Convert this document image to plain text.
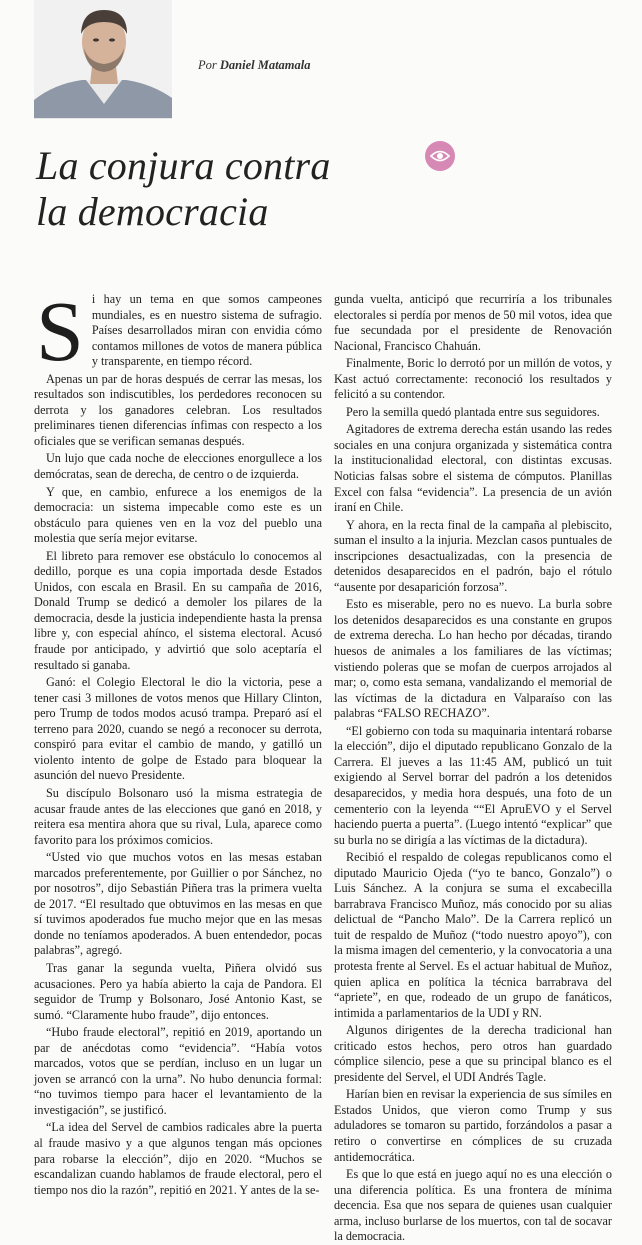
Por Daniel Matamala
La conjura contra
la democracia

Si hay un tema en que somos campeones mundiales, es en nuestro sistema de sufragio. Países desarrollados miran con envidia cómo contamos millones de votos de manera pública y transparente, en tiempo récord.

Apenas un par de horas después de cerrar las mesas, los resultados son indiscutibles, los perdedores reconocen su derrota y los ganadores celebran. Los resultados preliminares tienen diferencias ínfimas con respecto a los oficiales que se verifican semanas después.

Un lujo que cada noche de elecciones enorgullece a los demócratas, sean de derecha, de centro o de izquierda.

Y que, en cambio, enfurece a los enemigos de la democracia: un sistema impecable como este es un obstáculo para quienes ven en la voz del pueblo una molestia que sería mejor evitarse.

El libreto para remover ese obstáculo lo conocemos al dedillo, porque es una copia importada desde Estados Unidos, con escala en Brasil. En su campaña de 2016, Donald Trump se dedicó a demoler los pilares de la democracia, desde la justicia independiente hasta la prensa libre y, con especial ahínco, el sistema electoral. Acusó fraude por anticipado, y advirtió que solo aceptaría el resultado si ganaba.

Ganó: el Colegio Electoral le dio la victoria, pese a tener casi 3 millones de votos menos que Hillary Clinton, pero Trump de todos modos acusó trampa. Preparó así el terreno para 2020, cuando se negó a reconocer su derrota, conspiró para evitar el cambio de mando, y gatilló un violento intento de golpe de Estado para bloquear la asunción del nuevo Presidente.

Su discípulo Bolsonaro usó la misma estrategia de acusar fraude antes de las elecciones que ganó en 2018, y reitera esa mentira ahora que su rival, Lula, aparece como favorito para los próximos comicios.

“Usted vio que muchos votos en las mesas estaban marcados preferentemente, por Guillier o por Sánchez, no por nosotros”, dijo Sebastián Piñera tras la primera vuelta de 2017. “El resultado que obtuvimos en las mesas en que sí tuvimos apoderados fue mucho mejor que en las mesas donde no teníamos apoderados. A buen entendedor, pocas palabras”, agregó.

Tras ganar la segunda vuelta, Piñera olvidó sus acusaciones. Pero ya había abierto la caja de Pandora. El seguidor de Trump y Bolsonaro, José Antonio Kast, se sumó. “Claramente hubo fraude”, dijo entonces.

“Hubo fraude electoral”, repitió en 2019, aportando un par de anécdotas como “evidencia”. “Había votos marcados, votos que se perdían, incluso en un lugar un joven se arrancó con la urna”. No hubo denuncia formal: “no tuvimos tiempo para hacer el levantamiento de la investigación”, se justificó.

“La idea del Servel de cambios radicales abre la puerta al fraude masivo y a que algunos tengan más opciones para robarse la elección”, dijo en 2020. “Muchos se escandalizan cuando hablamos de fraude electoral, pero el tiempo nos dio la razón”, repitió en 2021. Y antes de la se-

gunda vuelta, anticipó que recurriría a los tribunales electorales si perdía por menos de 50 mil votos, idea que fue secundada por el presidente de Renovación Nacional, Francisco Chahuán.

Finalmente, Boric lo derrotó por un millón de votos, y Kast actuó correctamente: reconoció los resultados y felicitó a su contendor.

Pero la semilla quedó plantada entre sus seguidores.

Agitadores de extrema derecha están usando las redes sociales en una conjura organizada y sistemática contra la institucionalidad electoral, con distintas excusas. Noticias falsas sobre el sistema de cómputos. Planillas Excel con falsa “evidencia”. La presencia de un avión iraní en Chile.

Y ahora, en la recta final de la campaña al plebiscito, suman el insulto a la injuria. Mezclan casos puntuales de inscripciones desactualizadas, con la presencia de detenidos desaparecidos en el padrón, bajo el rótulo “ausente por desaparición forzosa”.

Esto es miserable, pero no es nuevo. La burla sobre los detenidos desaparecidos es una constante en grupos de extrema derecha. Lo han hecho por décadas, tirando huesos de animales a los familiares de las víctimas; vistiendo poleras que se mofan de cuerpos arrojados al mar; o, como esta semana, vandalizando el memorial de las víctimas de la dictadura en Valparaíso con las palabras “FALSO RECHAZO”.

“El gobierno con toda su maquinaria intentará robarse la elección”, dijo el diputado republicano Gonzalo de la Carrera. El jueves a las 11:45 AM, publicó un tuit exigiendo al Servel borrar del padrón a los detenidos desaparecidos, y media hora después, una foto de un cementerio con la leyenda ““El ApruEVO y el Servel haciendo puerta a puerta”. (Luego intentó “explicar” que su burla no se dirigía a las víctimas de la dictadura).

Recibió el respaldo de colegas republicanos como el diputado Mauricio Ojeda (“yo te banco, Gonzalo”) o Luis Sánchez. A la conjura se suma el excabecilla barrabrava Francisco Muñoz, más conocido por su alias delictual de “Pancho Malo”. De la Carrera replicó un tuit de respaldo de Muñoz (“todo nuestro apoyo”), con la misma imagen del cementerio, y la convocatoria a una protesta frente al Servel. Es el actuar habitual de Muñoz, quien aplica en política la técnica barrabrava del “apriete”, en que, rodeado de un grupo de fanáticos, intimida a parlamentarios de la UDI y RN.

Algunos dirigentes de la derecha tradicional han criticado estos hechos, pero otros han guardado cómplice silencio, pese a que su principal blanco es el presidente del Servel, el UDI Andrés Tagle.

Harían bien en revisar la experiencia de sus símiles en Estados Unidos, que vieron como Trump y sus aduladores se tomaron su partido, forzándolos a pasar a retiro o convertirse en cómplices de su cruzada antidemocrática.

Es que lo que está en juego aquí no es una elección o una diferencia política. Es una frontera de mínima decencia. Esa que nos separa de quienes usan cualquier arma, incluso burlarse de los muertos, con tal de socavar la democracia.
